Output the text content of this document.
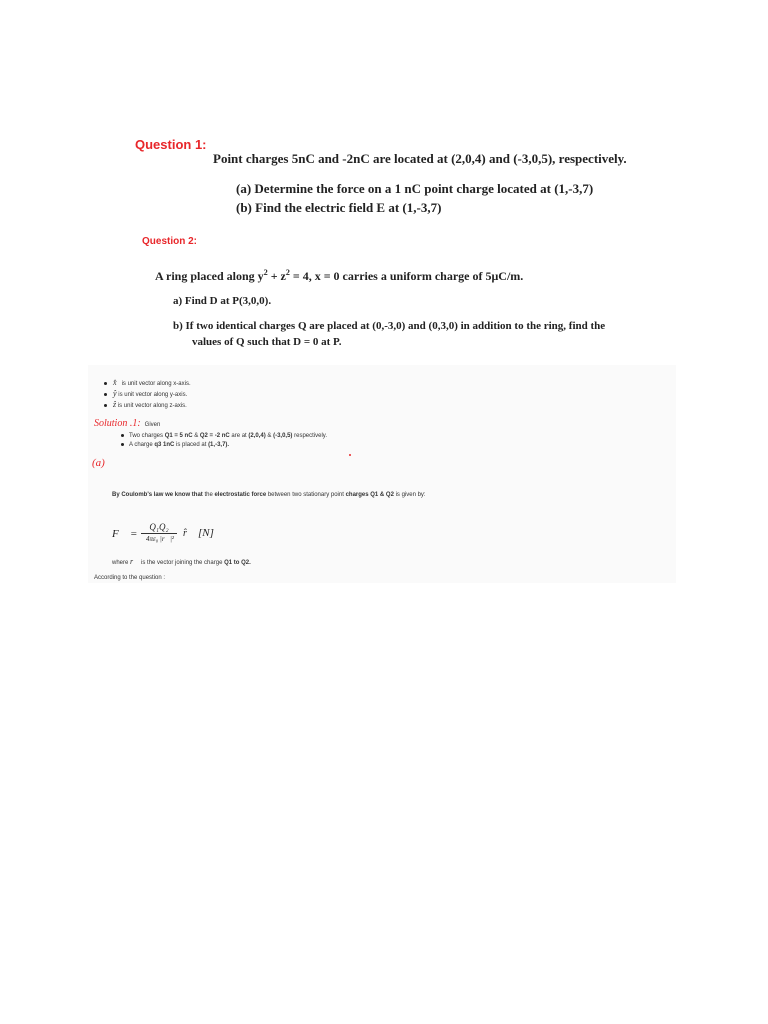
Question 1:
Point charges 5nC and -2nC are located at (2,0,4) and (-3,0,5), respectively.
(a) Determine the force on a 1 nC point charge located at (1,-3,7)
(b) Find the electric field E at (1,-3,7)
Question 2:
A ring placed along $y^2 + z^2 = 4$, x = 0 carries a uniform charge of 5μC/m.
a) Find D at P(3,0,0).
b) If two identical charges Q are placed at (0,-3,0) and (0,3,0) in addition to the ring, find the
values of Q such that D = 0 at P.
x̂ is unit vector along x-axis.
ŷ is unit vector along y-axis.
ẑ is unit vector along z-axis.
Solution .1: Given
Two charges Q1 = 5 nC & Q2 = -2 nC are at (2,0,4) & (-3,0,5) respectively.
A charge q3 1nC is placed at (1,-3,7).
(a)
By Coulomb's law we know that the electrostatic force between two stationary point charges Q1 & Q2 is given by:
F⃗ =
Q₁Q₂
4πε₀ |r⃗|² r̂ [N]
where r⃗ is the vector joining the charge Q1 to Q2.
According to the question :
